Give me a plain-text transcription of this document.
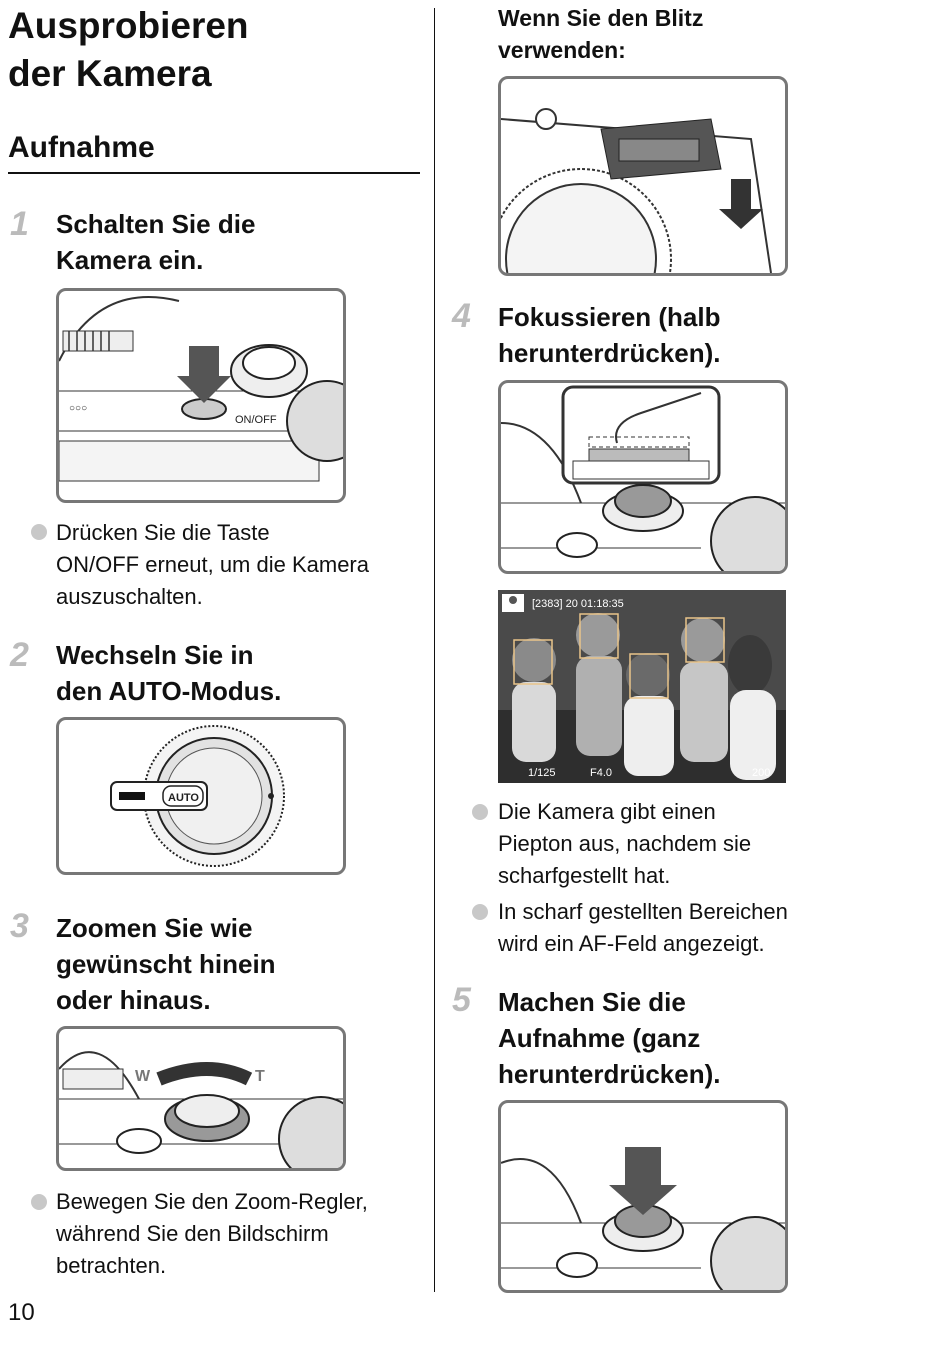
Ausprobieren
der Kamera
Aufnahme
1 Schalten Sie die
Kamera ein.

ON/OFF
○○○

Drücken Sie die Taste
ON/OFF erneut, um die Kamera
auszuschalten.

2 Wechseln Sie in
den AUTO-Modus.

AUTO
3 Zoomen Sie wie
gewünscht hinein
oder hinaus.

W	T

Bewegen Sie den Zoom-Regler,
während Sie den Bildschirm
betrachten.

10

Wenn Sie den Blitz
verwenden:

4 Fokussieren (halb
herunterdrücken).

[2383] 20 01:18:35
1/125	F4.0	200

Die Kamera gibt einen
Piepton aus, nachdem sie
scharfgestellt hat.

In scharf gestellten Bereichen
wird ein AF-Feld angezeigt.

5 Machen Sie die
Aufnahme (ganz
herunterdrücken).
